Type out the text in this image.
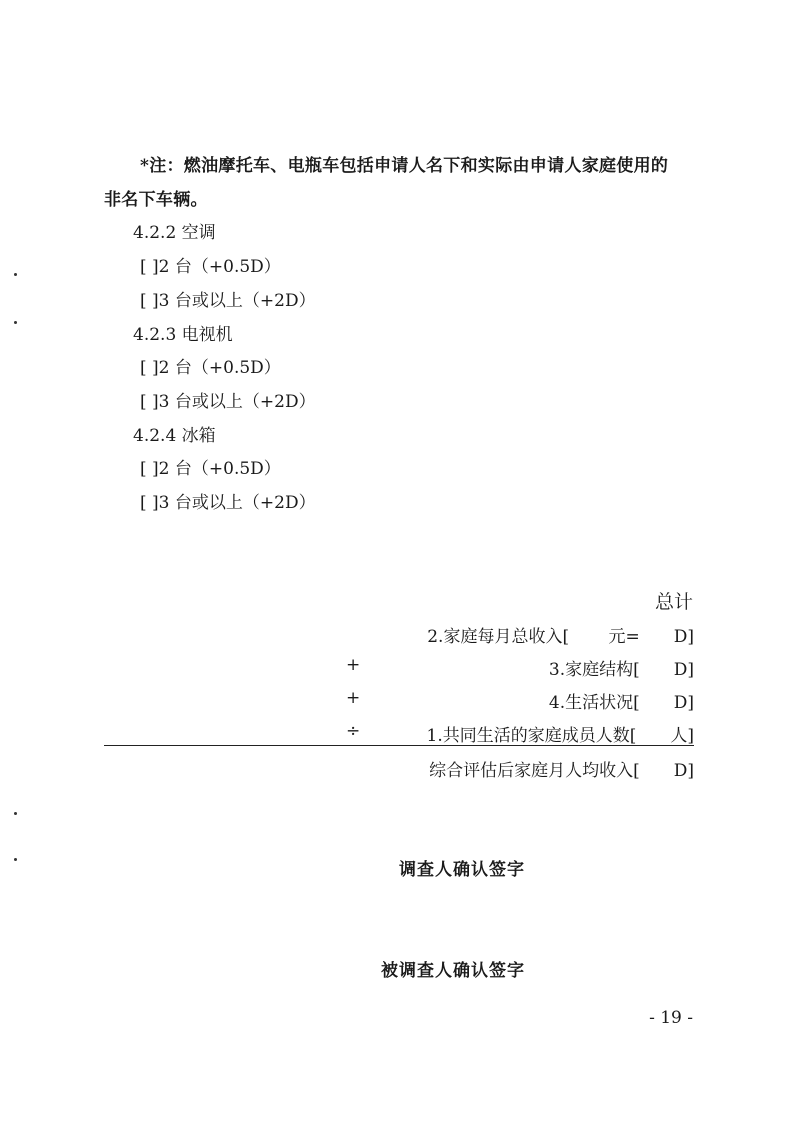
*注：燃油摩托车、电瓶车包括申请人名下和实际由申请人家庭使用的
非名下车辆。
4.2.2 空调
[ ]2 台（+0.5D）
[ ]3 台或以上（+2D）
4.2.3 电视机
[ ]2 台（+0.5D）
[ ]3 台或以上（+2D）
4.2.4 冰箱
[ ]2 台（+0.5D）
[ ]3 台或以上（+2D）
总计
2.家庭每月总收入[　　 元=　　D]
+	3.家庭结构[　　D]
+	4.生活状况[　　D]
÷	1.共同生活的家庭成员人数[　　人]
综合评估后家庭月人均收入[　　D]
调查人确认签字
被调查人确认签字
- 19 -
